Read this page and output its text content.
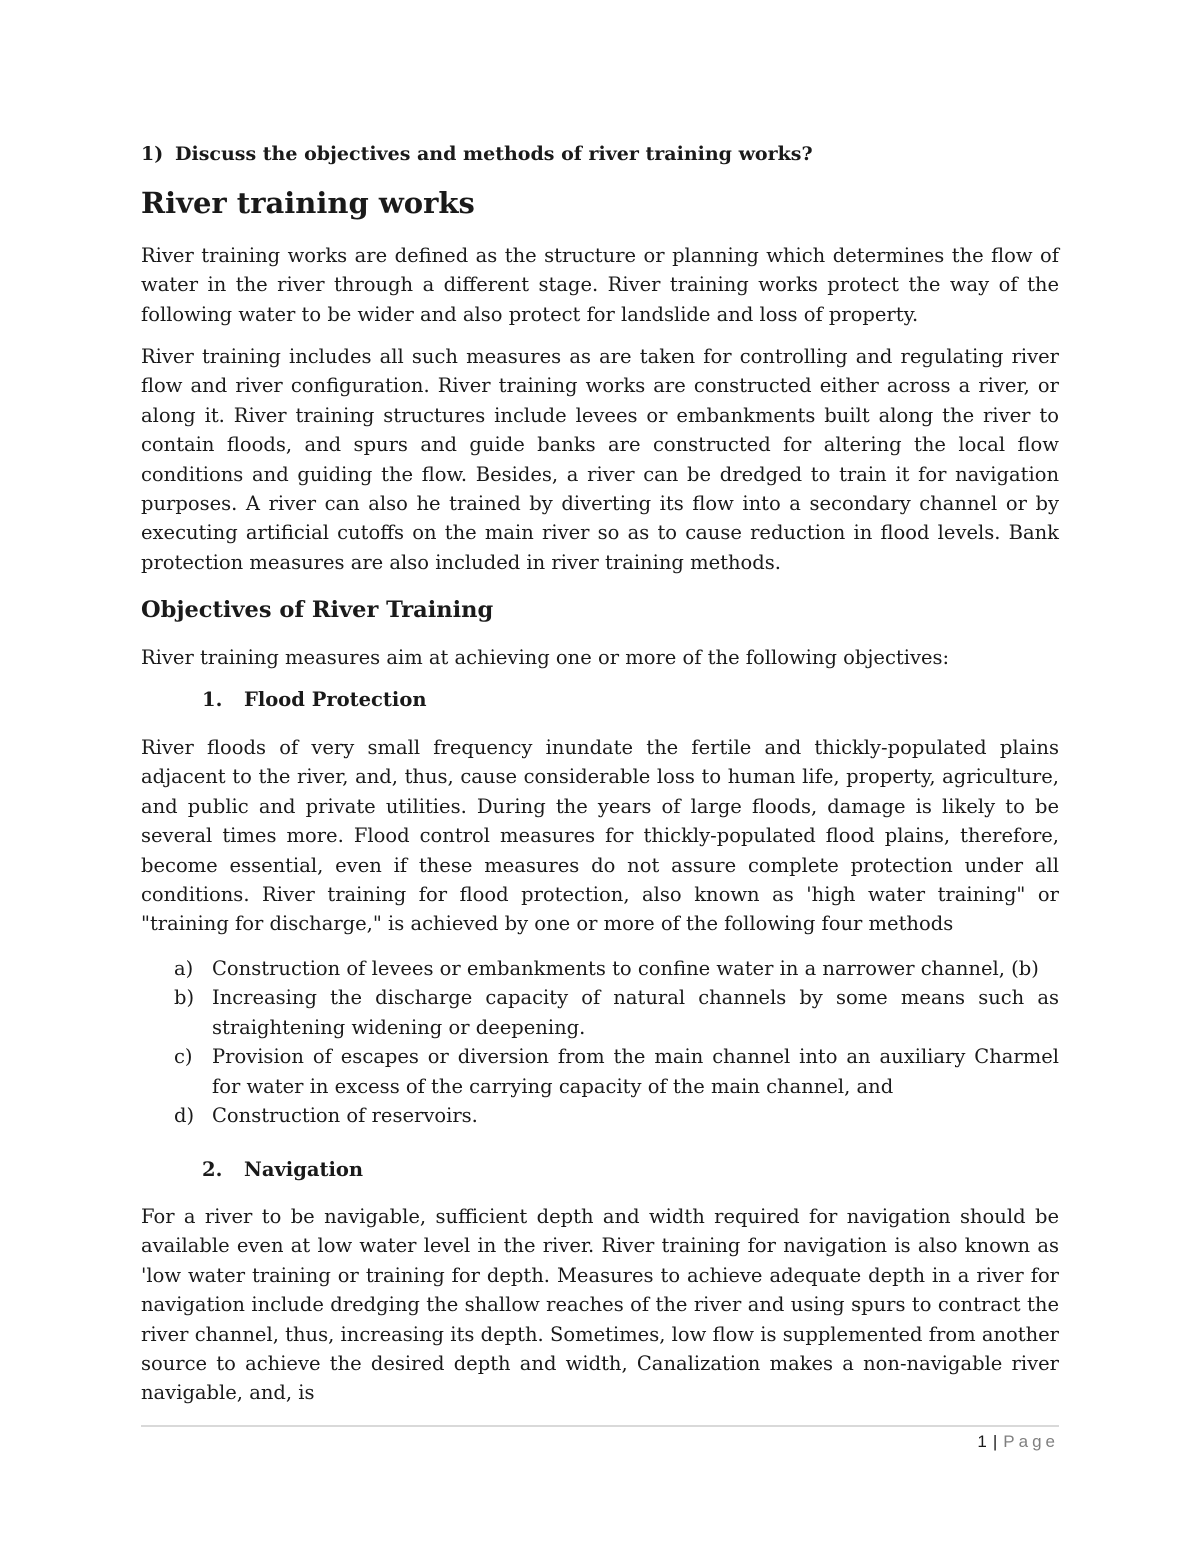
1) Discuss the objectives and methods of river training works?
River training works

River training works are defined as the structure or planning which determines the flow of water in the river through a different stage. River training works protect the way of the following water to be wider and also protect for landslide and loss of property.

River training includes all such measures as are taken for controlling and regulating river flow and river configuration. River training works are constructed either across a river, or along it. River training structures include levees or embankments built along the river to contain floods, and spurs and guide banks are constructed for altering the local flow conditions and guiding the flow. Besides, a river can be dredged to train it for navigation purposes. A river can also he trained by diverting its flow into a secondary channel or by executing artificial cutoffs on the main river so as to cause reduction in flood levels. Bank protection measures are also included in river training methods.

Objectives of River Training

River training measures aim at achieving one or more of the following objectives:

1. Flood Protection

River floods of very small frequency inundate the fertile and thickly-populated plains adjacent to the river, and, thus, cause considerable loss to human life, property, agriculture, and public and private utilities. During the years of large floods, damage is likely to be several times more. Flood control measures for thickly-populated flood plains, therefore, become essential, even if these measures do not assure complete protection under all conditions. River training for flood protection, also known as 'high water training" or "training for discharge," is achieved by one or more of the following four methods

a) Construction of levees or embankments to confine water in a narrower channel, (b)
b) Increasing the discharge capacity of natural channels by some means such as straightening widening or deepening.
c) Provision of escapes or diversion from the main channel into an auxiliary Charmel for water in excess of the carrying capacity of the main channel, and
d) Construction of reservoirs.
2. Navigation

For a river to be navigable, sufficient depth and width required for navigation should be available even at low water level in the river. River training for navigation is also known as 'low water training or training for depth. Measures to achieve adequate depth in a river for navigation include dredging the shallow reaches of the river and using spurs to contract the river channel, thus, increasing its depth. Sometimes, low flow is supplemented from another source to achieve the desired depth and width, Canalization makes a non-navigable river navigable, and, is

1 | Page
